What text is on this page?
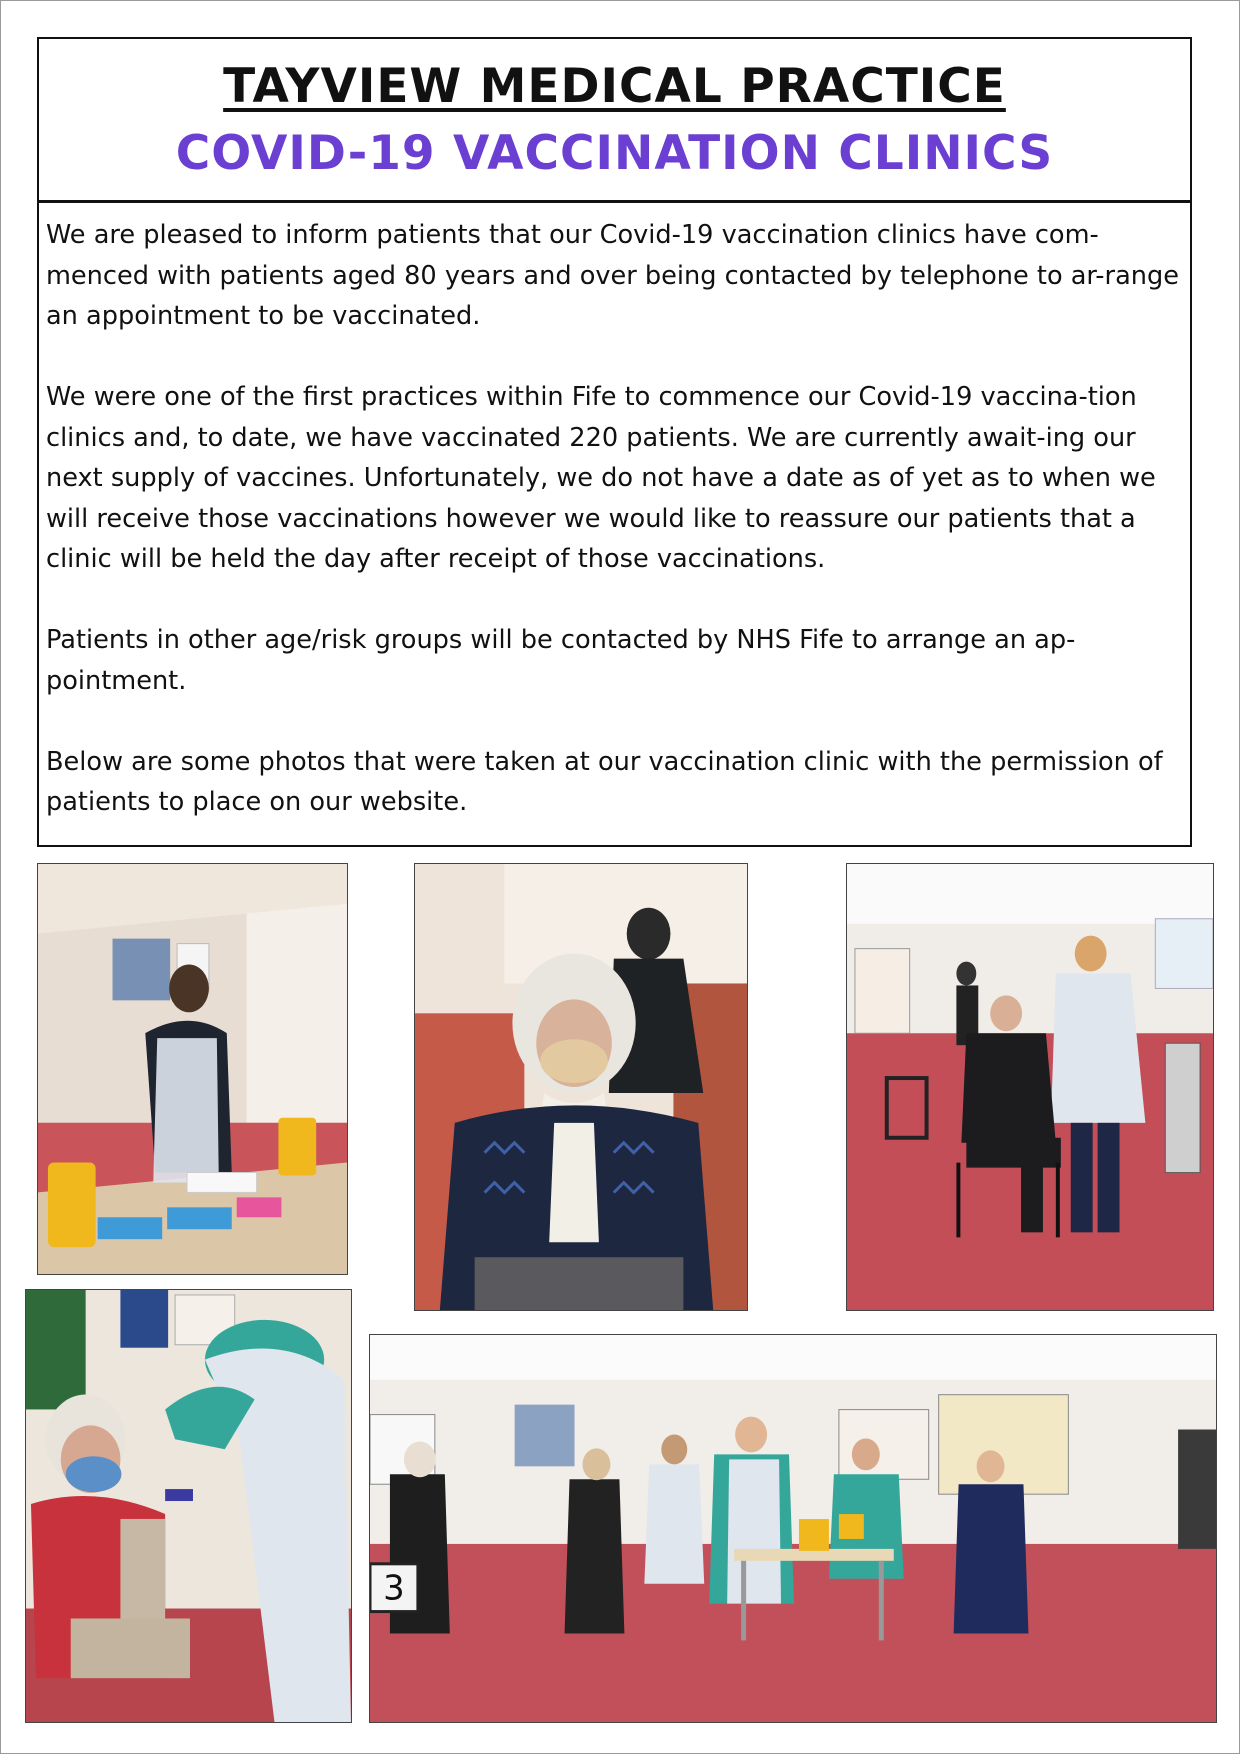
TAYVIEW MEDICAL PRACTICE
COVID-19 VACCINATION CLINICS

We are pleased to inform patients that our Covid-19 vaccination clinics have com-menced with patients aged 80 years and over being contacted by telephone to ar-range an appointment to be vaccinated.

We were one of the first practices within Fife to commence our Covid-19 vaccina-tion clinics and, to date, we have vaccinated 220 patients. We are currently await-ing our next supply of vaccines. Unfortunately, we do not have a date as of yet as to when we will receive those vaccinations however we would like to reassure our patients that a clinic will be held the day after receipt of those vaccinations.

Patients in other age/risk groups will be contacted by NHS Fife to arrange an ap-pointment.

Below are some photos that were taken at our vaccination clinic with the permission of patients to place on our website.

3
